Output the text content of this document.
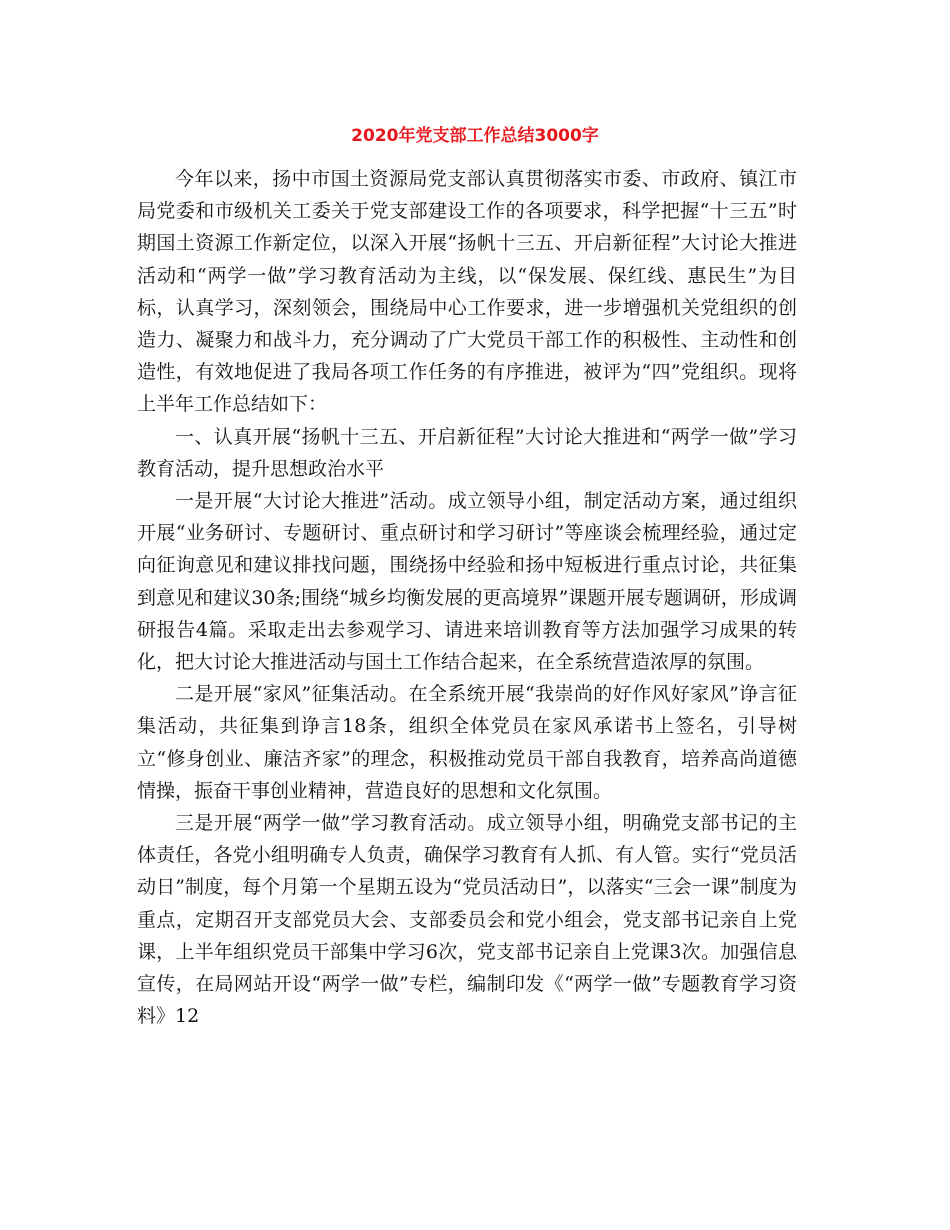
2020年党支部工作总结3000字

今年以来，扬中市国土资源局党支部认真贯彻落实市委、市政府、镇江市局党委和市级机关工委关于党支部建设工作的各项要求，科学把握“十三五”时期国土资源工作新定位，以深入开展“扬帆十三五、开启新征程”大讨论大推进活动和“两学一做”学习教育活动为主线，以“保发展、保红线、惠民生”为目标，认真学习，深刻领会，围绕局中心工作要求，进一步增强机关党组织的创造力、凝聚力和战斗力，充分调动了广大党员干部工作的积极性、主动性和创造性，有效地促进了我局各项工作任务的有序推进，被评为“四”党组织。现将上半年工作总结如下：

一、认真开展“扬帆十三五、开启新征程”大讨论大推进和“两学一做”学习教育活动，提升思想政治水平

一是开展“大讨论大推进”活动。成立领导小组，制定活动方案，通过组织开展“业务研讨、专题研讨、重点研讨和学习研讨”等座谈会梳理经验，通过定向征询意见和建议排找问题，围绕扬中经验和扬中短板进行重点讨论，共征集到意见和建议30条;围绕“城乡均衡发展的更高境界”课题开展专题调研，形成调研报告4篇。采取走出去参观学习、请进来培训教育等方法加强学习成果的转化，把大讨论大推进活动与国土工作结合起来，在全系统营造浓厚的氛围。

二是开展“家风”征集活动。在全系统开展“我崇尚的好作风好家风”诤言征集活动，共征集到诤言18条，组织全体党员在家风承诺书上签名，引导树立“修身创业、廉洁齐家”的理念，积极推动党员干部自我教育，培养高尚道德情操，振奋干事创业精神，营造良好的思想和文化氛围。

三是开展“两学一做”学习教育活动。成立领导小组，明确党支部书记的主体责任，各党小组明确专人负责，确保学习教育有人抓、有人管。实行“党员活动日”制度，每个月第一个星期五设为“党员活动日”，以落实“三会一课”制度为重点，定期召开支部党员大会、支部委员会和党小组会，党支部书记亲自上党课，上半年组织党员干部集中学习6次，党支部书记亲自上党课3次。加强信息宣传，在局网站开设“两学一做”专栏，编制印发《“两学一做”专题教育学习资料》12
